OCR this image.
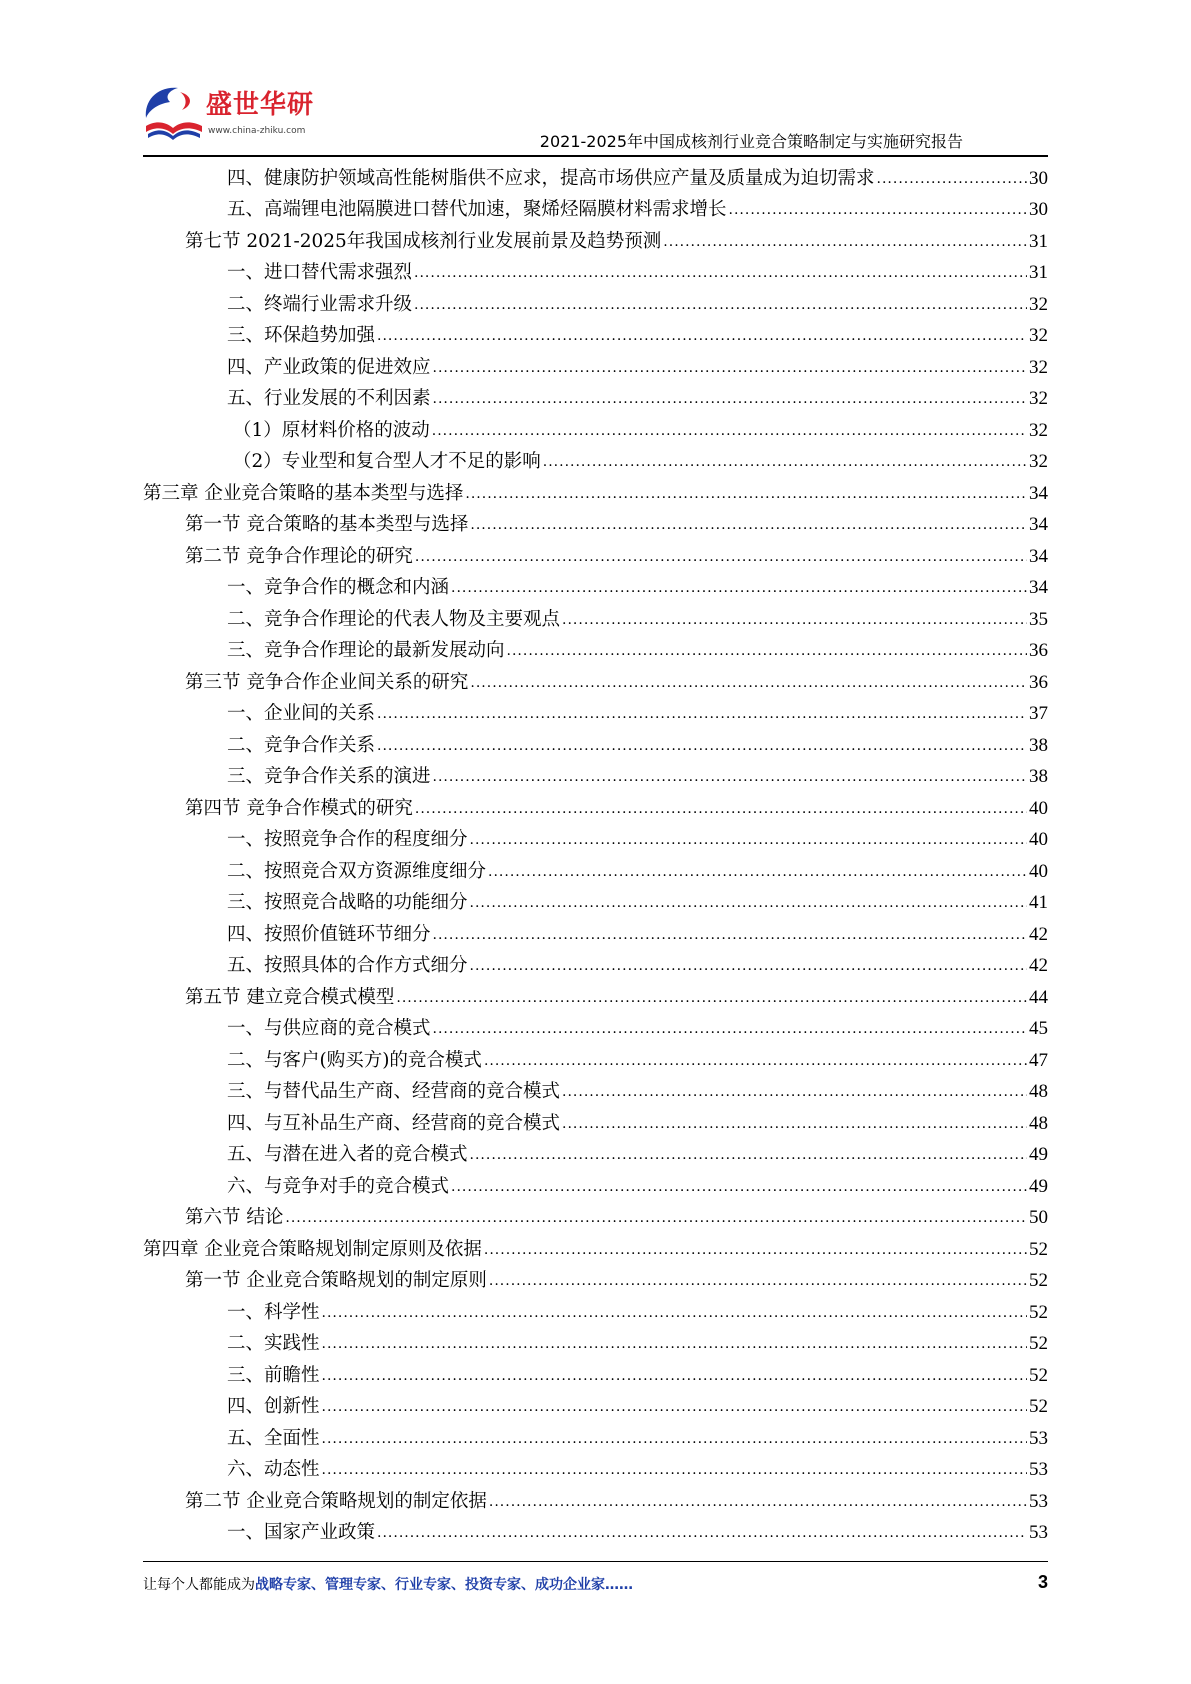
盛世华研
www.china-zhiku.com
2021-2025年中国成核剂行业竞合策略制定与实施研究报告
四、健康防护领域高性能树脂供不应求，提高市场供应产量及质量成为迫切需求 .....	30
五、高端锂电池隔膜进口替代加速，聚烯烃隔膜材料需求增长 .....	30
第七节 2021-2025年我国成核剂行业发展前景及趋势预测 .....	31
一、进口替代需求强烈 .....	31
二、终端行业需求升级 .....	32
三、环保趋势加强 .....	32
四、产业政策的促进效应 .....	32
五、行业发展的不利因素 .....	32
（1）原材料价格的波动 .....	32
（2）专业型和复合型人才不足的影响 .....	32
第三章 企业竞合策略的基本类型与选择 .....	34
第一节 竞合策略的基本类型与选择 .....	34
第二节 竞争合作理论的研究 .....	34
一、竞争合作的概念和内涵 .....	34
二、竞争合作理论的代表人物及主要观点 .....	35
三、竞争合作理论的最新发展动向 .....	36
第三节 竞争合作企业间关系的研究 .....	36
一、企业间的关系 .....	37
二、竞争合作关系 .....	38
三、竞争合作关系的演进 .....	38
第四节 竞争合作模式的研究 .....	40
一、按照竞争合作的程度细分 .....	40
二、按照竞合双方资源维度细分 .....	40
三、按照竞合战略的功能细分 .....	41
四、按照价值链环节细分 .....	42
五、按照具体的合作方式细分 .....	42
第五节 建立竞合模式模型 .....	44
一、与供应商的竞合模式 .....	45
二、与客户(购买方)的竞合模式 .....	47
三、与替代品生产商、经营商的竞合模式 .....	48
四、与互补品生产商、经营商的竞合模式 .....	48
五、与潜在进入者的竞合模式 .....	49
六、与竞争对手的竞合模式 .....	49
第六节 结论 .....	50
第四章 企业竞合策略规划制定原则及依据 .....	52
第一节 企业竞合策略规划的制定原则 .....	52
一、科学性 .....	52
二、实践性 .....	52
三、前瞻性 .....	52
四、创新性 .....	52
五、全面性 .....	53
六、动态性 .....	53
第二节 企业竞合策略规划的制定依据 .....	53
一、国家产业政策 .....	53
让每个人都能成为战略专家、管理专家、行业专家、投资专家、成功企业家……	3
